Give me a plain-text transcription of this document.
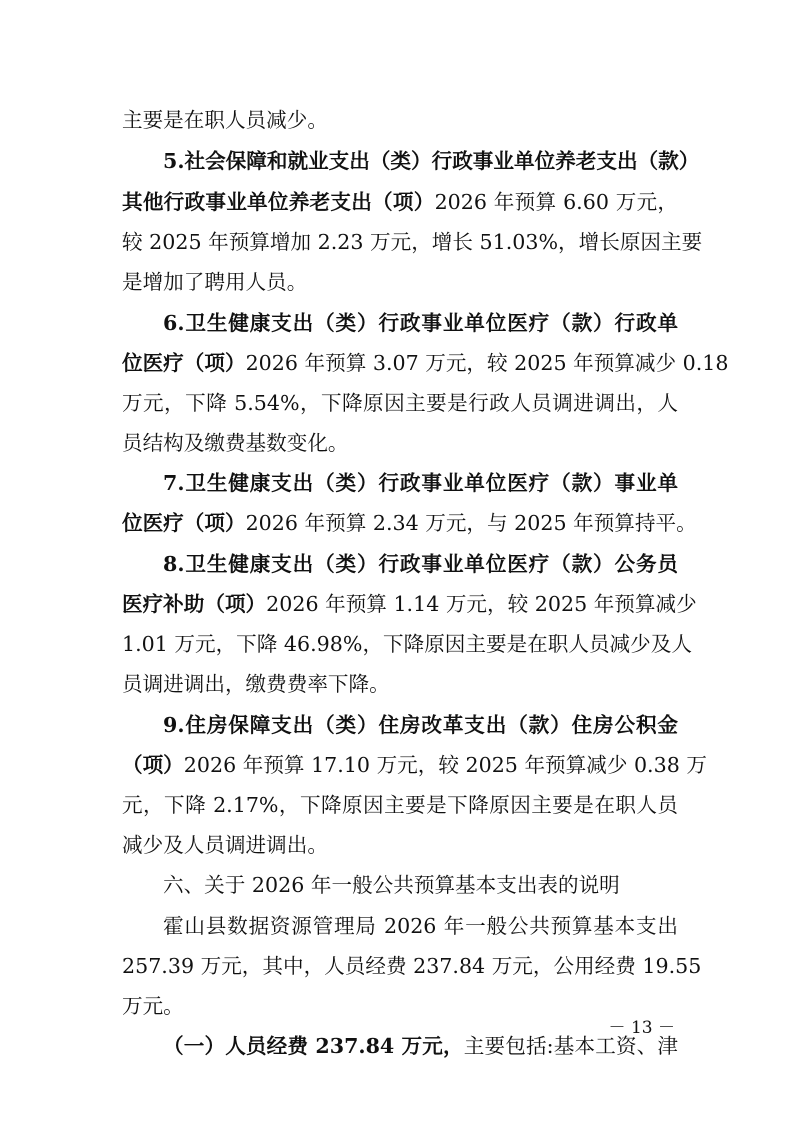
主要是在职人员减少。
5.社会保障和就业支出（类）行政事业单位养老支出（款）
其他行政事业单位养老支出（项）2026 年预算 6.60 万元，
较 2025 年预算增加 2.23 万元，增长 51.03%，增长原因主要
是增加了聘用人员。
6.卫生健康支出（类）行政事业单位医疗（款）行政单
位医疗（项）2026 年预算 3.07 万元，较 2025 年预算减少 0.18
万元，下降 5.54%，下降原因主要是行政人员调进调出，人
员结构及缴费基数变化。
7.卫生健康支出（类）行政事业单位医疗（款）事业单
位医疗（项）2026 年预算 2.34 万元，与 2025 年预算持平。
8.卫生健康支出（类）行政事业单位医疗（款）公务员
医疗补助（项）2026 年预算 1.14 万元，较 2025 年预算减少
1.01 万元，下降 46.98%，下降原因主要是在职人员减少及人
员调进调出，缴费费率下降。
9.住房保障支出（类）住房改革支出（款）住房公积金
（项）2026 年预算 17.10 万元，较 2025 年预算减少 0.38 万
元，下降 2.17%，下降原因主要是下降原因主要是在职人员
减少及人员调进调出。
六、关于 2026 年一般公共预算基本支出表的说明
霍山县数据资源管理局 2026 年一般公共预算基本支出
257.39 万元，其中，人员经费 237.84 万元，公用经费 19.55
万元。
（一）人员经费 237.84 万元，主要包括:基本工资、津
－ 13 －
